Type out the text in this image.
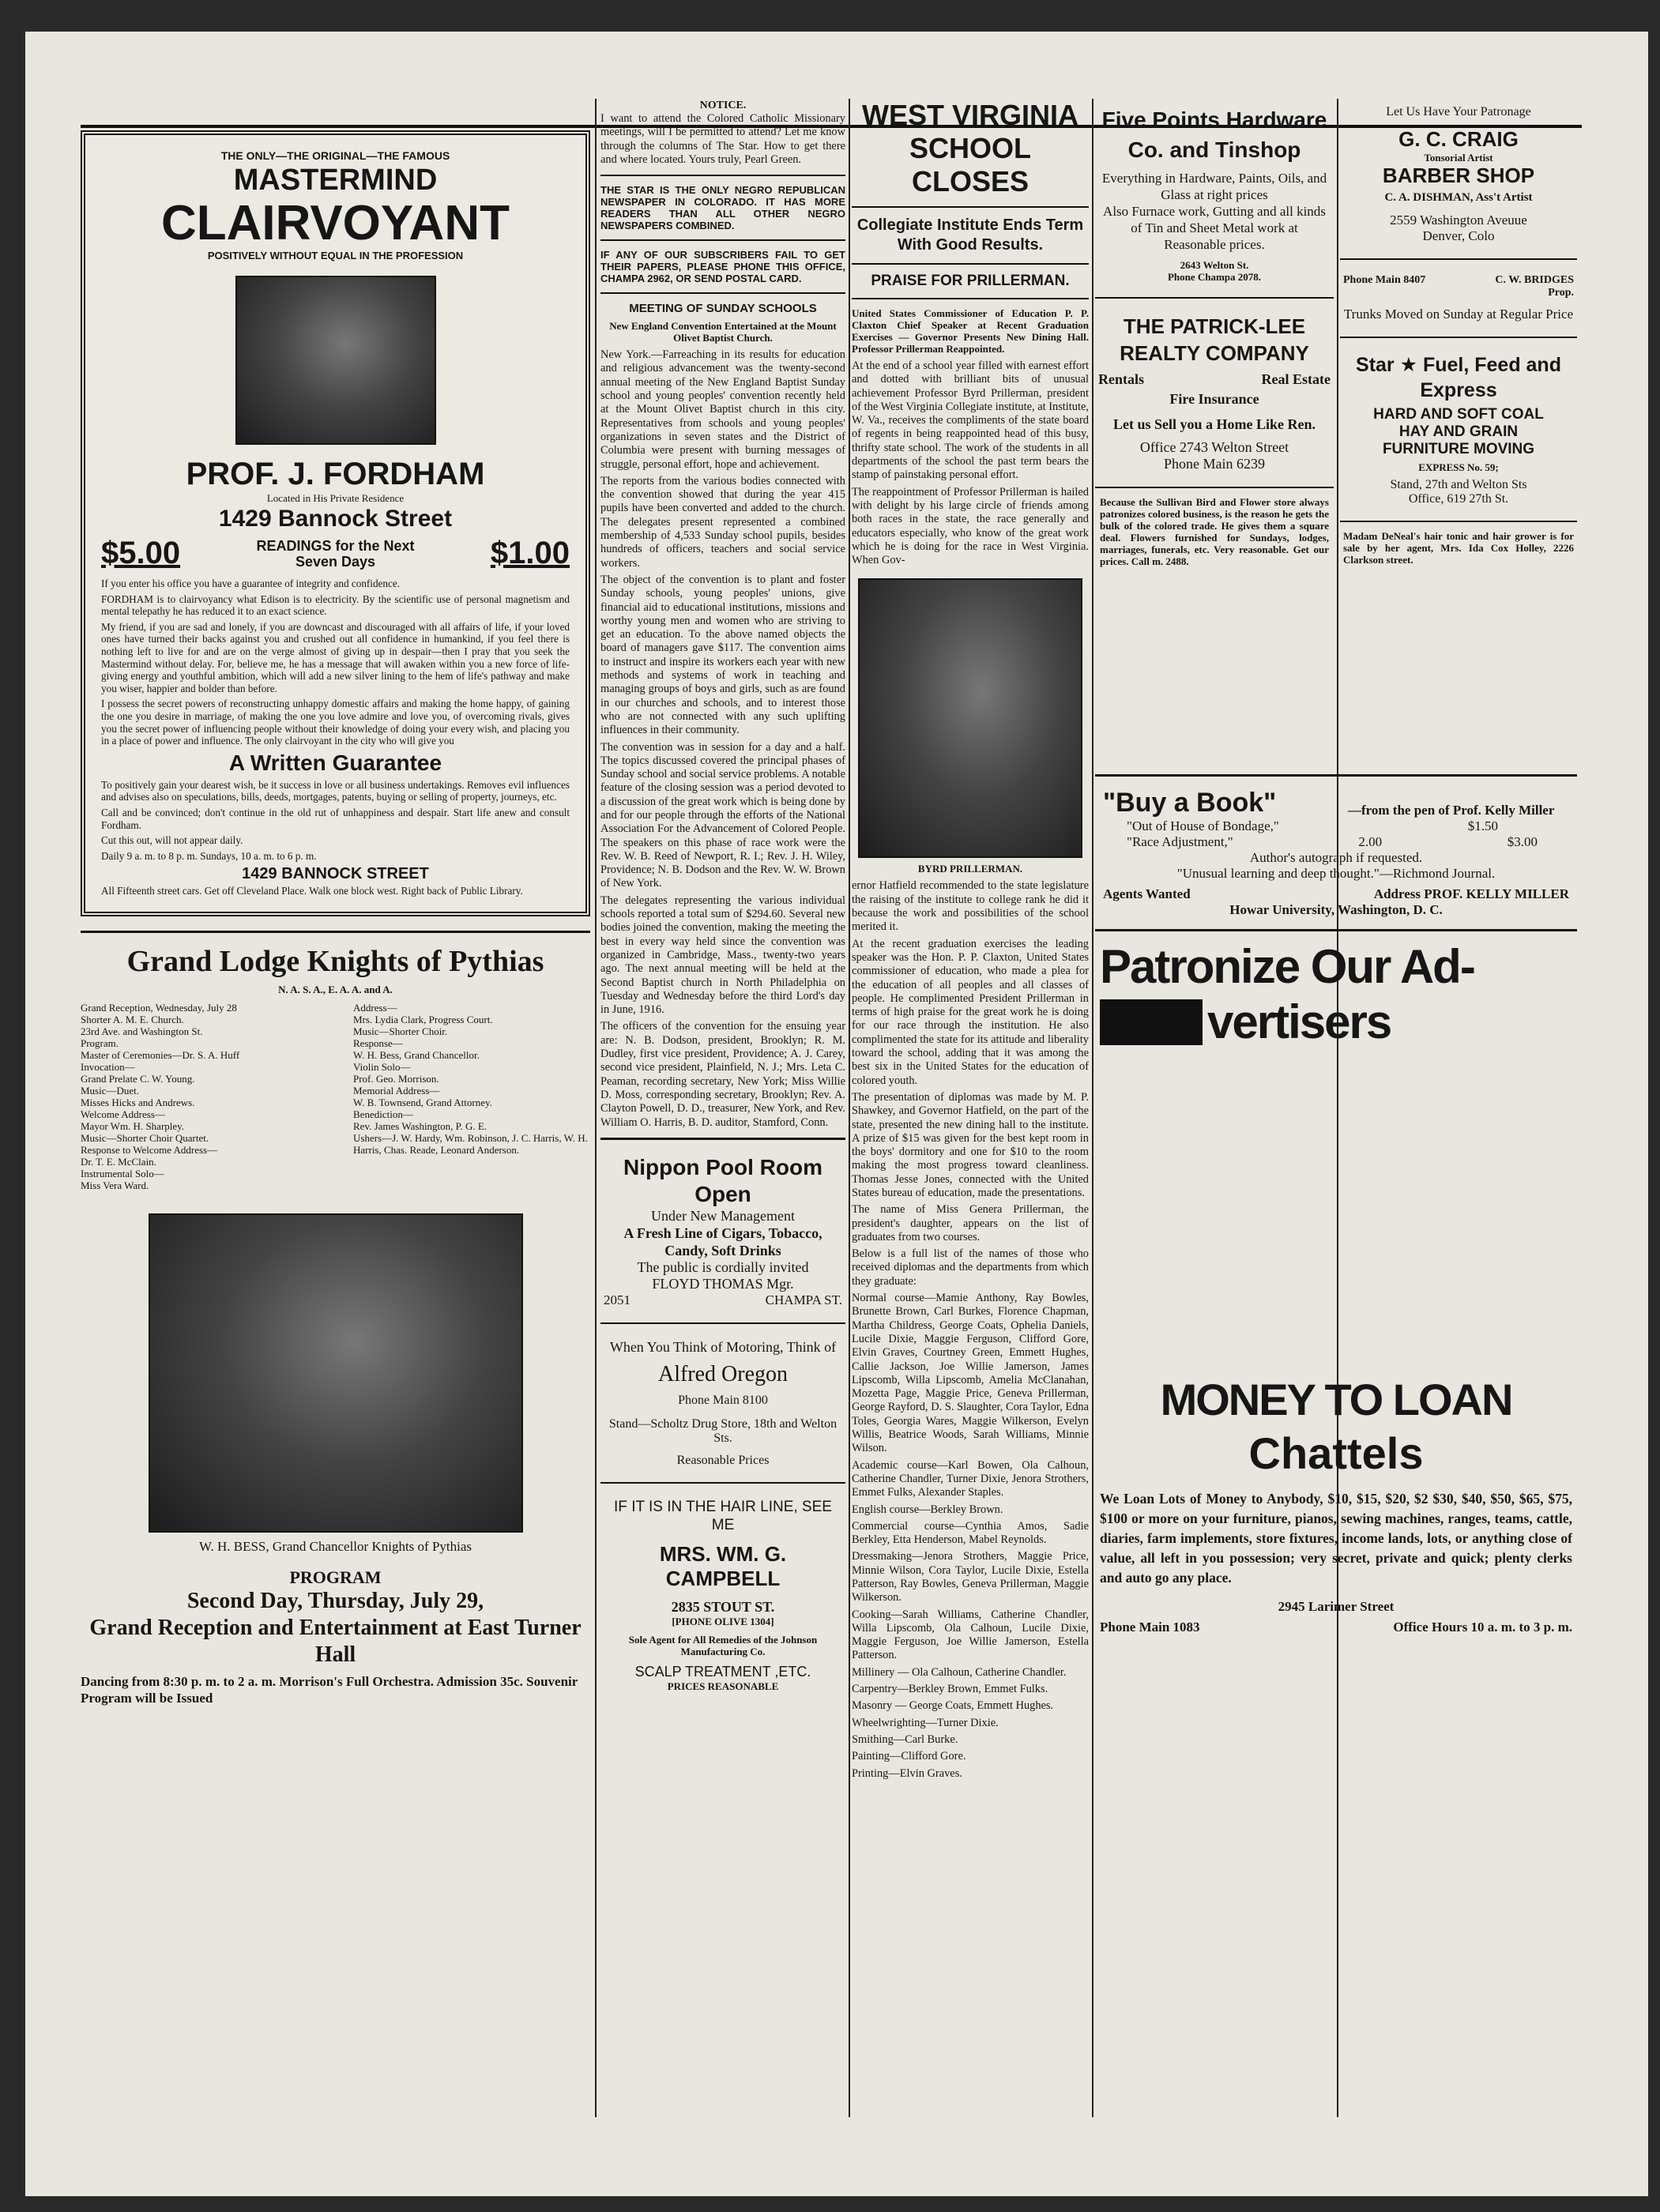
THE ONLY—THE ORIGINAL—THE FAMOUS
MASTERMIND
CLAIRVOYANT
POSITIVELY WITHOUT EQUAL IN THE PROFESSION
PROF. J. FORDHAM
Located in His Private Residence
1429 Bannock Street
$5.00	READINGS for the Next Seven Days	$1.00

If you enter his office you have a guarantee of integrity and confidence.

FORDHAM is to clairvoyancy what Edison is to electricity. By the scientific use of personal magnetism and mental telepathy he has reduced it to an exact science.

My friend, if you are sad and lonely, if you are downcast and discouraged with all affairs of life, if your loved ones have turned their backs against you and crushed out all confidence in humankind, if you feel there is nothing left to live for and are on the verge almost of giving up in despair—then I pray that you seek the Mastermind without delay. For, believe me, he has a message that will awaken within you a new force of life-giving energy and youthful ambition, which will add a new silver lining to the hem of life's pathway and make you wiser, happier and bolder than before.

I possess the secret powers of reconstructing unhappy domestic affairs and making the home happy, of gaining the one you desire in marriage, of making the one you love admire and love you, of overcoming rivals, gives you the secret power of influencing people without their knowledge of doing your every wish, and placing you in a place of power and influence. The only clairvoyant in the city who will give you

A Written Guarantee

To positively gain your dearest wish, be it success in love or all business undertakings. Removes evil influences and advises also on speculations, bills, deeds, mortgages, patents, buying or selling of property, journeys, etc.

Call and be convinced; don't continue in the old rut of unhappiness and despair. Start life anew and consult Fordham.

Cut this out, will not appear daily.

Daily 9 a. m. to 8 p. m. Sundays, 10 a. m. to 6 p. m.

1429 BANNOCK STREET
All Fifteenth street cars. Get off Cleveland Place. Walk one block west. Right back of Public Library.
Grand Lodge Knights of Pythias
N. A. S. A., E. A. A. and A.
Grand Reception, Wednesday, July 28
Shorter A. M. E. Church.
23rd Ave. and Washington St.
Program.
Master of Ceremonies—Dr. S. A. Huff
Invocation—
Grand Prelate C. W. Young.
Music—Duet.
Misses Hicks and Andrews.
Welcome Address—
Mayor Wm. H. Sharpley.
Music—Shorter Choir Quartet.
Response to Welcome Address—
Dr. T. E. McClain.
Instrumental Solo—
Miss Vera Ward.
Address—
Mrs. Lydia Clark, Progress Court.
Music—Shorter Choir.
Response—
W. H. Bess, Grand Chancellor.
Violin Solo—
Prof. Geo. Morrison.
Memorial Address—
W. B. Townsend, Grand Attorney.
Benediction—
Rev. James Washington, P. G. E.
Ushers—J. W. Hardy, Wm. Robinson, J. C. Harris, W. H. Harris, Chas. Reade, Leonard Anderson.
W. H. BESS, Grand Chancellor Knights of Pythias
PROGRAM
Second Day, Thursday, July 29,
Grand Reception and Entertainment at East Turner Hall
Dancing from 8:30 p. m. to 2 a. m. Morrison's Full Orchestra. Admission 35c. Souvenir Program will be Issued
NOTICE.
I want to attend the Colored Catholic Missionary meetings, will I be permitted to attend? Let me know through the columns of The Star. How to get there and where located. Yours truly, Pearl Green.
THE STAR IS THE ONLY NEGRO REPUBLICAN NEWSPAPER IN COLORADO. IT HAS MORE READERS THAN ALL OTHER NEGRO NEWSPAPERS COMBINED.
IF ANY OF OUR SUBSCRIBERS FAIL TO GET THEIR PAPERS, PLEASE PHONE THIS OFFICE, CHAMPA 2962, OR SEND POSTAL CARD.
MEETING OF SUNDAY SCHOOLS
New England Convention Entertained at the Mount Olivet Baptist Church.

New York.—Farreaching in its results for education and religious advancement was the twenty-second annual meeting of the New England Baptist Sunday school and young peoples' convention recently held at the Mount Olivet Baptist church in this city. Representatives from schools and young peoples' organizations in seven states and the District of Columbia were present with burning messages of struggle, personal effort, hope and achievement.

The reports from the various bodies connected with the convention showed that during the year 415 pupils have been converted and added to the church. The delegates present represented a combined membership of 4,533 Sunday school pupils, besides hundreds of officers, teachers and social service workers.

The object of the convention is to plant and foster Sunday schools, young peoples' unions, give financial aid to educational institutions, missions and worthy young men and women who are striving to get an education. To the above named objects the board of managers gave $117. The convention aims to instruct and inspire its workers each year with new methods and systems of work in teaching and managing groups of boys and girls, such as are found in our churches and schools, and to interest those who are not connected with any such uplifting influences in their community.

The convention was in session for a day and a half. The topics discussed covered the principal phases of Sunday school and social service problems. A notable feature of the closing session was a period devoted to a discussion of the great work which is being done by and for our people through the efforts of the National Association For the Advancement of Colored People. The speakers on this phase of race work were the Rev. W. B. Reed of Newport, R. I.; Rev. J. H. Wiley, Providence; N. B. Dodson and the Rev. W. W. Brown of New York.

The delegates representing the various individual schools reported a total sum of $294.60. Several new bodies joined the convention, making the meeting the best in every way held since the convention was organized in Cambridge, Mass., twenty-two years ago. The next annual meeting will be held at the Second Baptist church in North Philadelphia on Tuesday and Wednesday before the third Lord's day in June, 1916.

The officers of the convention for the ensuing year are: N. B. Dodson, president, Brooklyn; R. M. Dudley, first vice president, Providence; A. J. Carey, second vice president, Plainfield, N. J.; Mrs. Leta C. Peaman, recording secretary, New York; Miss Willie D. Moss, corresponding secretary, Brooklyn; Rev. A. Clayton Powell, D. D., treasurer, New York, and Rev. William O. Harris, B. D. auditor, Stamford, Conn.

Nippon Pool Room Open
Under New Management
A Fresh Line of Cigars, Tobacco, Candy, Soft Drinks
The public is cordially invited
FLOYD THOMAS Mgr.
2051	CHAMPA ST.
When You Think of Motoring, Think of
Alfred Oregon
Phone Main 8100
Stand—Scholtz Drug Store, 18th and Welton Sts.
Reasonable Prices
IF IT IS IN THE HAIR LINE, SEE ME
MRS. WM. G. CAMPBELL
2835 STOUT ST.
[PHONE OLIVE 1304]
Sole Agent for All Remedies of the Johnson Manufacturing Co.
SCALP TREATMENT ,ETC.
PRICES REASONABLE
WEST VIRGINIA SCHOOL CLOSES
Collegiate Institute Ends Term With Good Results.
PRAISE FOR PRILLERMAN.
United States Commissioner of Education P. P. Claxton Chief Speaker at Recent Graduation Exercises — Governor Presents New Dining Hall. Professor Prillerman Reappointed.

At the end of a school year filled with earnest effort and dotted with brilliant bits of unusual achievement Professor Byrd Prillerman, president of the West Virginia Collegiate institute, at Institute, W. Va., receives the compliments of the state board of regents in being reappointed head of this busy, thrifty state school. The work of the students in all departments of the school the past term bears the stamp of painstaking personal effort.

The reappointment of Professor Prillerman is hailed with delight by his large circle of friends among both races in the state, the race generally and educators especially, who know of the great work which he is doing for the race in West Virginia. When Gov-

BYRD PRILLERMAN.

ernor Hatfield recommended to the state legislature the raising of the institute to college rank he did it because the work and possibilities of the school merited it.

At the recent graduation exercises the leading speaker was the Hon. P. P. Claxton, United States commissioner of education, who made a plea for the education of all peoples and all classes of people. He complimented President Prillerman in terms of high praise for the great work he is doing for our race through the institution. He also complimented the state for its attitude and liberality toward the school, adding that it was among the best six in the United States for the education of colored youth.

The presentation of diplomas was made by M. P. Shawkey, and Governor Hatfield, on the part of the state, presented the new dining hall to the institute. A prize of $15 was given for the best kept room in the boys' dormitory and one for $10 to the room making the most progress toward cleanliness. Thomas Jesse Jones, connected with the United States bureau of education, made the presentations.

The name of Miss Genera Prillerman, the president's daughter, appears on the list of graduates from two courses.

Below is a full list of the names of those who received diplomas and the departments from which they graduate:

Normal course—Mamie Anthony, Ray Bowles, Brunette Brown, Carl Burkes, Florence Chapman, Martha Childress, George Coats, Ophelia Daniels, Lucile Dixie, Maggie Ferguson, Clifford Gore, Elvin Graves, Courtney Green, Emmett Hughes, Callie Jackson, Joe Willie Jamerson, James Lipscomb, Willa Lipscomb, Amelia McClanahan, Mozetta Page, Maggie Price, Geneva Prillerman, George Rayford, D. S. Slaughter, Cora Taylor, Edna Toles, Georgia Wares, Maggie Wilkerson, Evelyn Willis, Beatrice Woods, Sarah Williams, Minnie Wilson.

Academic course—Karl Bowen, Ola Calhoun, Catherine Chandler, Turner Dixie, Jenora Strothers, Emmet Fulks, Alexander Staples.

English course—Berkley Brown.

Commercial course—Cynthia Amos, Sadie Berkley, Etta Henderson, Mabel Reynolds.

Dressmaking—Jenora Strothers, Maggie Price, Minnie Wilson, Cora Taylor, Lucile Dixie, Estella Patterson, Ray Bowles, Geneva Prillerman, Maggie Wilkerson.

Cooking—Sarah Williams, Catherine Chandler, Willa Lipscomb, Ola Calhoun, Lucile Dixie, Maggie Ferguson, Joe Willie Jamerson, Estella Patterson.

Millinery — Ola Calhoun, Catherine Chandler.

Carpentry—Berkley Brown, Emmet Fulks.

Masonry — George Coats, Emmett Hughes.

Wheelwrighting—Turner Dixie.

Smithing—Carl Burke.

Painting—Clifford Gore.

Printing—Elvin Graves.

Five Points Hardware Co. and Tinshop
Everything in Hardware, Paints, Oils, and Glass at right prices
Also Furnace work, Gutting and all kinds of Tin and Sheet Metal work at Reasonable prices.
2643 Welton St.
Phone Champa 2078.
THE PATRICK-LEE REALTY COMPANY
Rentals	Real Estate
Fire Insurance
Let us Sell you a Home Like Ren.
Office 2743 Welton Street
Phone Main 6239
Because the Sullivan Bird and Flower store always patronizes colored business, is the reason he gets the bulk of the colored trade. He gives them a square deal. Flowers furnished for Sundays, lodges, marriages, funerals, etc. Very reasonable. Get our prices. Call m. 2488.
Let Us Have Your Patronage
G. C. CRAIG
Tonsorial Artist
BARBER SHOP
C. A. DISHMAN, Ass't Artist
2559 Washington Aveuue
Denver, Colo
Phone Main 8407	C. W. BRIDGES Prop.
Trunks Moved on Sunday at Regular Price
Star ★ Fuel, Feed and Express
HARD AND SOFT COAL
HAY AND GRAIN
FURNITURE MOVING
EXPRESS No. 59;
Stand, 27th and Welton Sts
Office, 619 27th St.
Madam DeNeal's hair tonic and hair grower is for sale by her agent, Mrs. Ida Cox Holley, 2226 Clarkson street.
"Buy a Book"	—from the pen of Prof. Kelly Miller
"Out of House of Bondage,"	$1.50
"Race Adjustment,"	2.00	$3.00
Author's autograph if requested.
"Unusual learning and deep thought."—Richmond Journal.
Agents Wanted	Address PROF. KELLY MILLER
Howar University, Washington, D. C.
Patronize Our Ad-
vertisers
MONEY TO LOAN
Chattels
We Loan Lots of Money to Anybody, $10, $15, $20, $2 $30, $40, $50, $65, $75, $100 or more on your furniture, pianos, sewing machines, ranges, teams, cattle, diaries, farm implements, store fixtures, income lands, lots, or anything close of value, all left in you possession; very secret, private and quick; plenty clerks and auto go any place.
2945 Larimer Street
Phone Main 1083	Office Hours 10 a. m. to 3 p. m.
